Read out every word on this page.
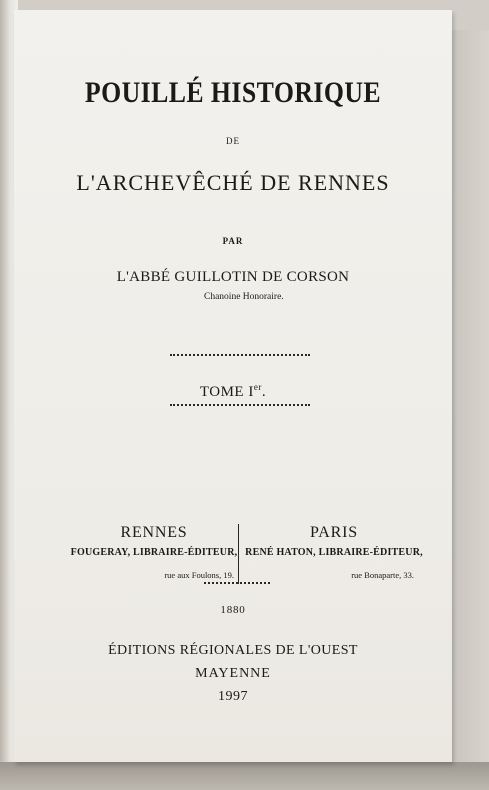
POUILLÉ HISTORIQUE
DE
L'ARCHEVÊCHÉ DE RENNES
PAR
L'ABBÉ GUILLOTIN DE CORSON
Chanoine Honoraire.
TOME Ier.
RENNES
FOUGERAY, LIBRAIRE-ÉDITEUR,
rue aux Foulons, 19.
PARIS
RENÉ HATON, LIBRAIRE-ÉDITEUR,
rue Bonaparte, 33.
1880
ÉDITIONS RÉGIONALES DE L'OUEST
MAYENNE
1997
